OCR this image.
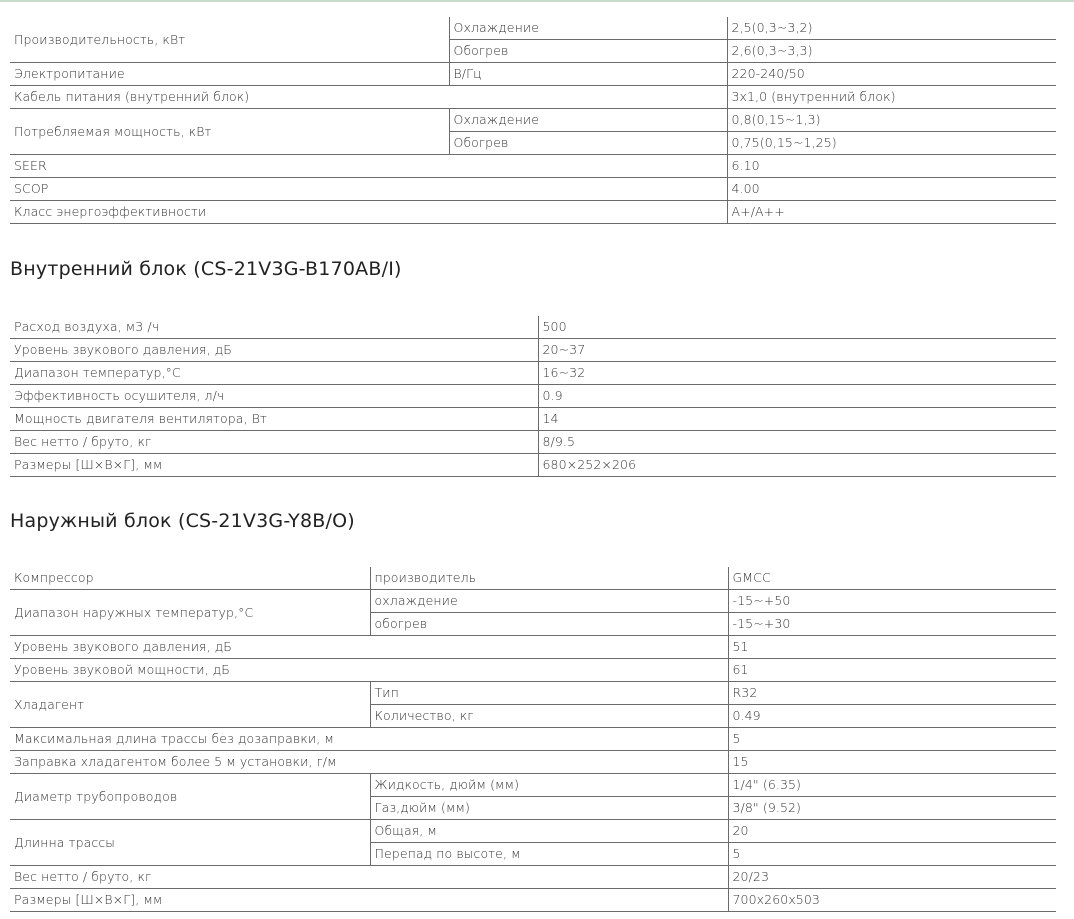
Производительность, кВт	Охлаждение	2,5(0,3~3,2)
	Обогрев	2,6(0,3~3,3)
Электропитание	В/Гц	220-240/50
Кабель питания (внутренний блок)		3x1,0 (внутренний блок)
Потребляемая мощность, кВт	Охлаждение	0,8(0,15~1,3)
	Обогрев	0,75(0,15~1,25)
SEER		6.10
SCOP		4.00
Класс энергоэффективности		A+/A++
Внутренний блок (CS-21V3G-B170AB/I)
Расход воздуха, м3 /ч	500
Уровень звукового давления, дБ	20~37
Диапазон температур,°С	16~32
Эффективность осушителя, л/ч	0.9
Мощность двигателя вентилятора, Вт	14
Вес нетто / брутo, кг	8/9.5
Размеры [Ш×В×Г], мм	680×252×206
Наружный блок (CS-21V3G-Y8B/O)
Компрессор	производитель	GMCC
Диапазон наружных температур,°С	охлаждение	-15~+50
	обогрев	-15~+30
Уровень звукового давления, дБ		51
Уровень звуковой мощности, дБ		61
Хладагент	Тип	R32
	Количество, кг	0.49
Максимальная длина трассы без дозаправки, м		5
Заправка хладагентом более 5 м установки, г/м		15
Диаметр трубопроводов	Жидкость, дюйм (мм)	1/4" (6.35)
	Газ,дюйм (мм)	3/8" (9.52)
Длинна трассы	Общая, м	20
	Перепад по высоте, м	5
Вес нетто / брутo, кг		20/23
Размеры [Ш×В×Г], мм		700x260x503
